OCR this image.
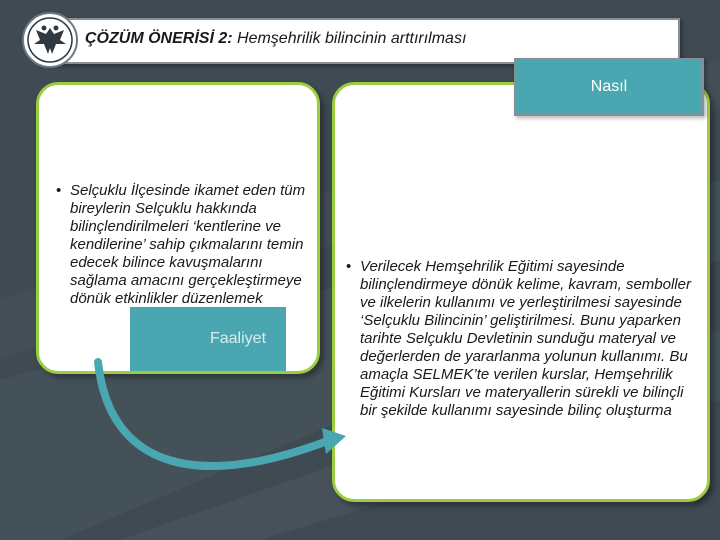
ÇÖZÜM ÖNERİSİ 2: Hemşehrilik bilincinin arttırılması
Nasıl
Faaliyet
• Selçuklu İlçesinde ikamet eden tüm bireylerin Selçuklu hakkında bilinçlendirilmeleri ‘kentlerine ve kendilerine’ sahip çıkmalarını temin edecek bilince kavuşmalarını sağlama amacını gerçekleştirmeye dönük etkinlikler düzenlemek
• Verilecek Hemşehrilik Eğitimi sayesinde bilinçlendirmeye dönük kelime, kavram, semboller ve ilkelerin kullanımı ve yerleştirilmesi sayesinde ‘Selçuklu Bilincinin’ geliştirilmesi. Bunu yaparken tarihte Selçuklu Devletinin sunduğu materyal ve değerlerden de yararlanma yolunun kullanımı. Bu amaçla SELMEK’te verilen kurslar, Hemşehrilik Eğitimi Kursları ve materyallerin sürekli ve bilinçli bir şekilde kullanımı sayesinde bilinç oluşturma
